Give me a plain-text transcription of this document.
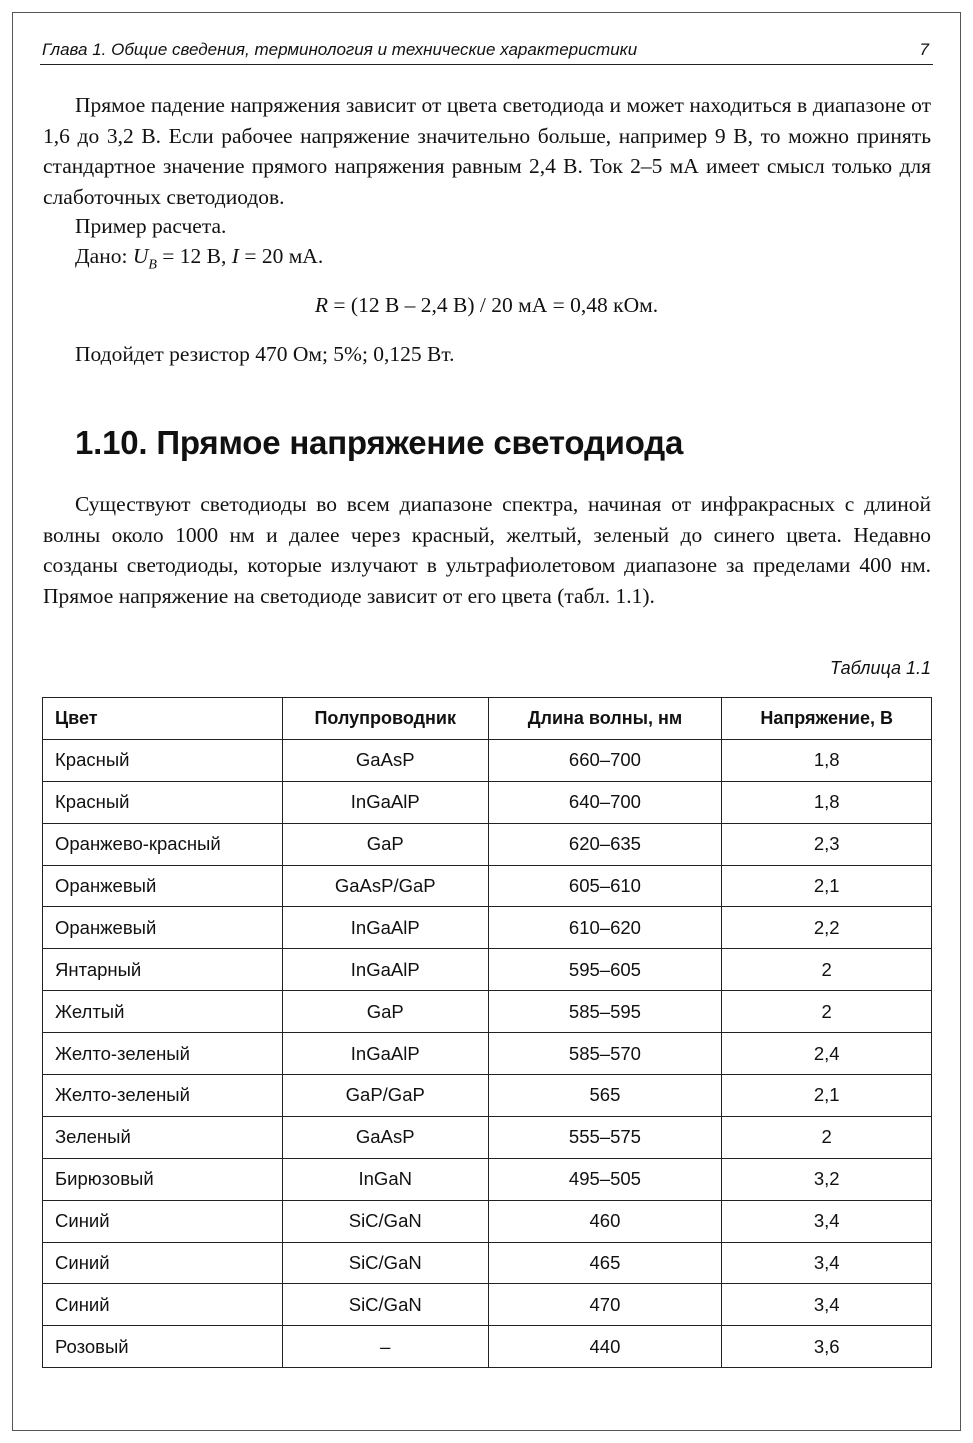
Глава 1. Общие сведения, терминология и технические характеристики	7

Прямое падение напряжения зависит от цвета светодиода и может находиться в диапазоне от 1,6 до 3,2 В. Если рабочее напряжение значительно больше, например 9 В, то можно принять стандартное значение прямого напряжения равным 2,4 В. Ток 2–5 мА имеет смысл только для слаботочных светодиодов.

Пример расчета.

Дано: $U_B = 12$ В, I = 20 мА.

R = (12 В – 2,4 В) / 20 мА = 0,48 кОм.

Подойдет резистор 470 Ом; 5%; 0,125 Вт.

1.10. Прямое напряжение светодиода

Существуют светодиоды во всем диапазоне спектра, начиная от инфракрасных с длиной волны около 1000 нм и далее через красный, желтый, зеленый до синего цвета. Недавно созданы светодиоды, которые излучают в ультрафиолетовом диапазоне за пределами 400 нм. Прямое напряжение на светодиоде зависит от его цвета (табл. 1.1).

Таблица 1.1
Цвет	Полупроводник	Длина волны, нм	Напряжение, В
Красный	GaAsP	660–700	1,8
Красный	InGaAlP	640–700	1,8
Оранжево-красный	GaP	620–635	2,3
Оранжевый	GaAsP/GaP	605–610	2,1
Оранжевый	InGaAlP	610–620	2,2
Янтарный	InGaAlP	595–605	2
Желтый	GaP	585–595	2
Желто-зеленый	InGaAlP	585–570	2,4
Желто-зеленый	GaP/GaP	565	2,1
Зеленый	GaAsP	555–575	2
Бирюзовый	InGaN	495–505	3,2
Синий	SiC/GaN	460	3,4
Синий	SiC/GaN	465	3,4
Синий	SiC/GaN	470	3,4
Розовый	–	440	3,6
